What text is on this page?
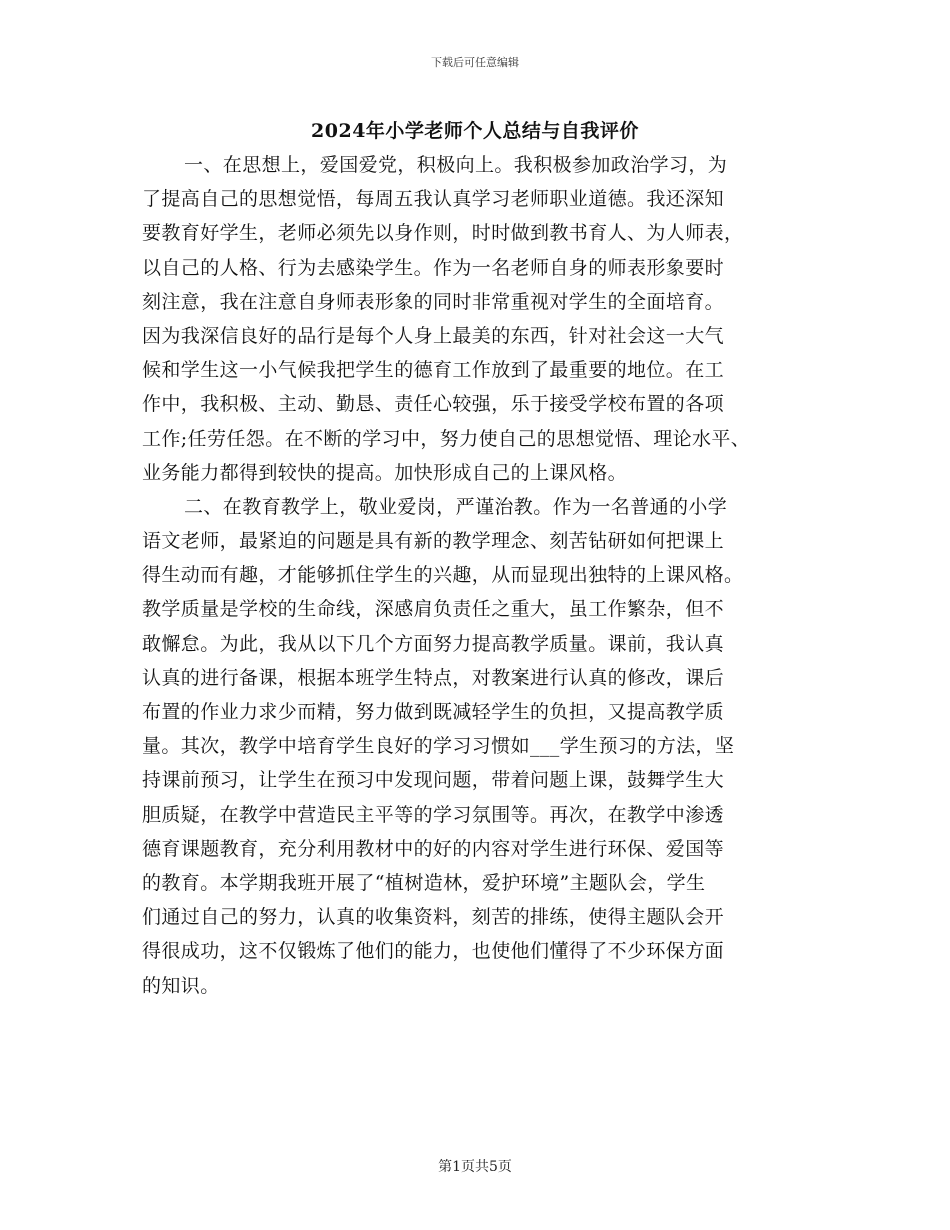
下载后可任意编辑
2024年小学老师个人总结与自我评价
一、在思想上，爱国爱党，积极向上。我积极参加政治学习，为
了提高自己的思想觉悟，每周五我认真学习老师职业道德。我还深知
要教育好学生，老师必须先以身作则，时时做到教书育人、为人师表，
以自己的人格、行为去感染学生。作为一名老师自身的师表形象要时
刻注意，我在注意自身师表形象的同时非常重视对学生的全面培育。
因为我深信良好的品行是每个人身上最美的东西，针对社会这一大气
候和学生这一小气候我把学生的德育工作放到了最重要的地位。在工
作中，我积极、主动、勤恳、责任心较强，乐于接受学校布置的各项
工作;任劳任怨。在不断的学习中，努力使自己的思想觉悟、理论水平、
业务能力都得到较快的提高。加快形成自己的上课风格。
二、在教育教学上，敬业爱岗，严谨治教。作为一名普通的小学
语文老师，最紧迫的问题是具有新的教学理念、刻苦钻研如何把课上
得生动而有趣，才能够抓住学生的兴趣，从而显现出独特的上课风格。
教学质量是学校的生命线，深感肩负责任之重大，虽工作繁杂，但不
敢懈怠。为此，我从以下几个方面努力提高教学质量。课前，我认真
认真的进行备课，根据本班学生特点，对教案进行认真的修改，课后
布置的作业力求少而精，努力做到既减轻学生的负担，又提高教学质
量。其次，教学中培育学生良好的学习习惯如___学生预习的方法，坚
持课前预习，让学生在预习中发现问题，带着问题上课，鼓舞学生大
胆质疑，在教学中营造民主平等的学习氛围等。再次，在教学中渗透
德育课题教育，充分利用教材中的好的内容对学生进行环保、爱国等
的教育。本学期我班开展了“植树造林，爱护环境”主题队会，学生
们通过自己的努力，认真的收集资料，刻苦的排练，使得主题队会开
得很成功，这不仅锻炼了他们的能力，也使他们懂得了不少环保方面
的知识。
第1页共5页
